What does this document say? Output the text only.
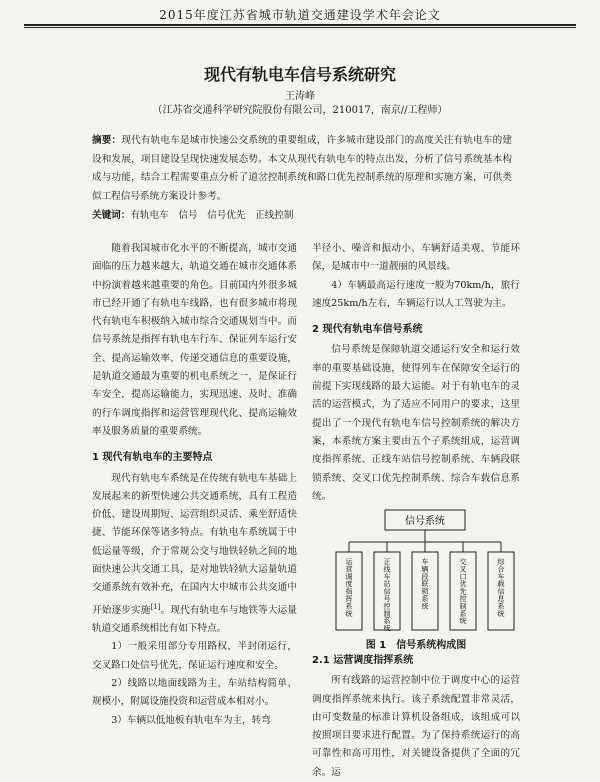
2015年度江苏省城市轨道交通建设学术年会论文
现代有轨电车信号系统研究
王涛峰
（江苏省交通科学研究院股份有限公司，210017，南京//工程师）
摘要：现代有轨电车是城市快速公交系统的重要组成，许多城市建设部门的高度关注有轨电车的建设和发展，项目建设呈现快速发展态势。本文从现代有轨电车的特点出发，分析了信号系统基本构成与功能，结合工程需要重点分析了道岔控制系统和路口优先控制系统的原理和实施方案，可供类似工程信号系统方案设计参考。
关键词：有轨电车　信号　信号优先　正线控制

随着我国城市化水平的不断提高，城市交通面临的压力越来越大，轨道交通在城市交通体系中扮演着越来越重要的角色。目前国内外很多城市已经开通了有轨电车线路，也有很多城市将现代有轨电车积极纳入城市综合交通规划当中。而信号系统是指挥有轨电车行车、保证列车运行安全、提高运输效率、传递交通信息的重要设施，是轨道交通最为重要的机电系统之一，是保证行车安全，提高运输能力，实现迅速、及时、准确的行车调度指挥和运营管理现代化、提高运输效率及服务质量的重要系统。

1 现代有轨电车的主要特点

现代有轨电车系统是在传统有轨电车基础上发展起来的新型快速公共交通系统，具有工程造价低、建设周期短、运营组织灵活、乘坐舒适快捷、节能环保等诸多特点。有轨电车系统属于中低运量等级，介于常规公交与地铁轻轨之间的地面快速公共交通工具，是对地铁轻轨大运量轨道交通系统有效补充，在国内大中城市公共交通中开始逐步实施[1]。现代有轨电车与地铁等大运量轨道交通系统相比有如下特点。

1）一般采用部分专用路权，半封闭运行，交叉路口处信号优先，保证运行速度和安全。

2）线路以地面线路为主，车站结构简单、规模小，附属设施投资和运营成本相对小。

3）车辆以低地板有轨电车为主，转弯

半径小、噪音和振动小、车辆舒适美观、节能环保，是城市中一道靓丽的风景线。

4）车辆最高运行速度一般为70km/h，旅行速度25km/h左右，车辆运行以人工驾驶为主。

2 现代有轨电车信号系统

信号系统是保障轨道交通运行安全和运行效率的重要基础设施，使得列车在保障安全运行的前提下实现线路的最大运能。对于有轨电车的灵活的运营模式，为了适应不同用户的要求，这里提出了一个现代有轨电车信号控制系统的解决方案，本系统方案主要由五个子系统组成，运营调度指挥系统、正线车站信号控制系统、车辆段联锁系统、交叉口优先控制系统、综合车载信息系统。

信号系统
运营调度指挥系统
正线车站信号控制系统
车辆段联锁系统
交叉口优先控制系统
综合车载信息系统
图 1　信号系统构成图
2.1 运营调度指挥系统

所有线路的运营控制中位于调度中心的运营调度指挥系统来执行。该子系统配置非常灵活，由可变数量的标准计算机设备组成，该组成可以按照项目要求进行配置。为了保持系统运行的高可靠性和高可用性，对关键设备提供了全面的冗余。运
